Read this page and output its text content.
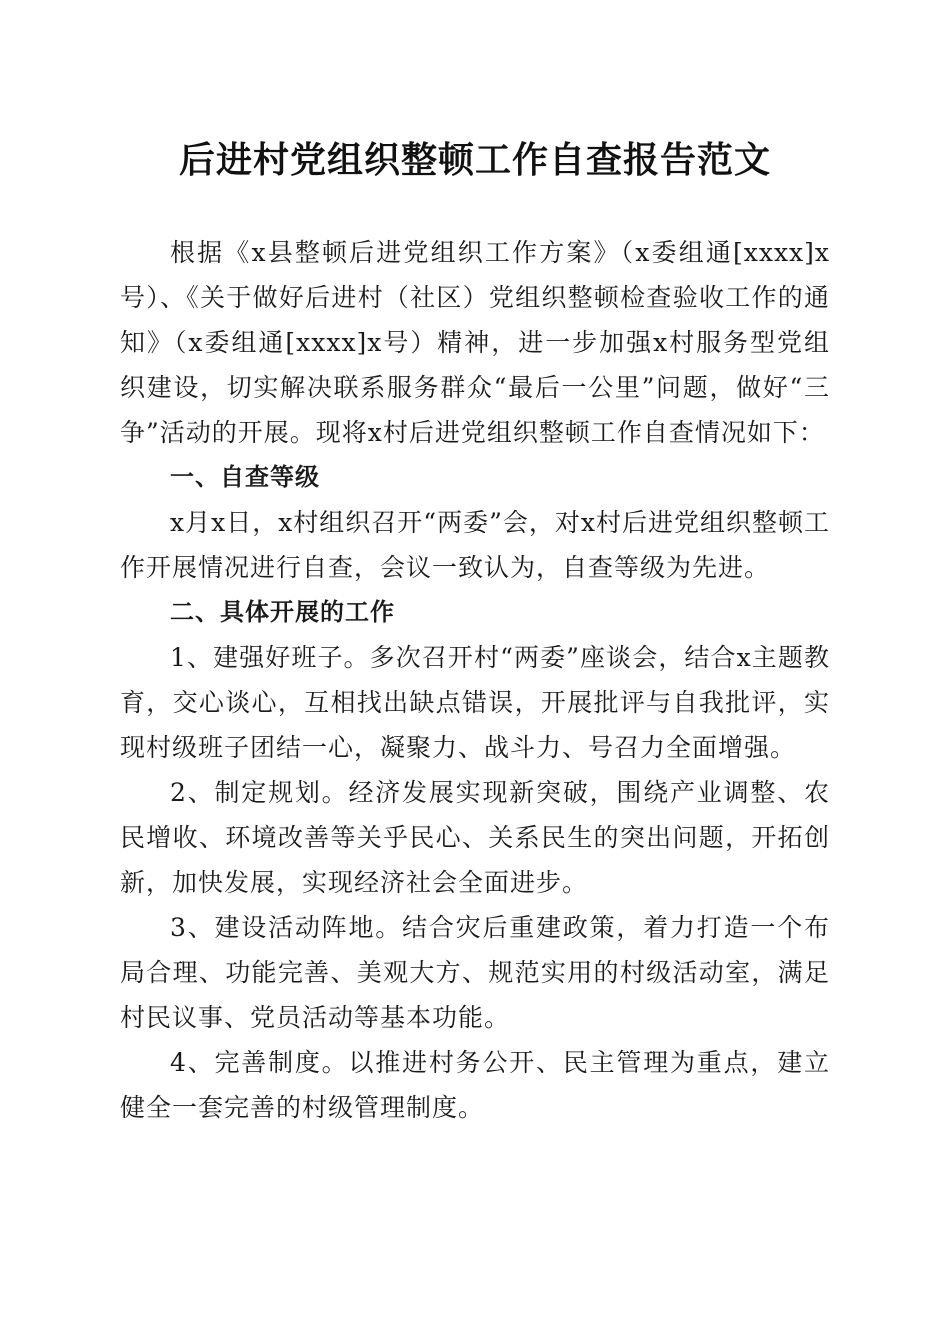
后进村党组织整顿工作自查报告范文

根据《x县整顿后进党组织工作方案》（x委组通[xxxx]x号）、《关于做好后进村（社区）党组织整顿检查验收工作的通知》（x委组通[xxxx]x号）精神，进一步加强x村服务型党组织建设，切实解决联系服务群众“最后一公里”问题，做好“三争”活动的开展。现将x村后进党组织整顿工作自查情况如下：

一、自查等级

x月x日，x村组织召开“两委”会，对x村后进党组织整顿工作开展情况进行自查，会议一致认为，自查等级为先进。

二、具体开展的工作

1、建强好班子。多次召开村“两委”座谈会，结合x主题教育，交心谈心，互相找出缺点错误，开展批评与自我批评，实现村级班子团结一心，凝聚力、战斗力、号召力全面增强。

2、制定规划。经济发展实现新突破，围绕产业调整、农民增收、环境改善等关乎民心、关系民生的突出问题，开拓创新，加快发展，实现经济社会全面进步。

3、建设活动阵地。结合灾后重建政策，着力打造一个布局合理、功能完善、美观大方、规范实用的村级活动室，满足村民议事、党员活动等基本功能。

4、完善制度。以推进村务公开、民主管理为重点，建立健全一套完善的村级管理制度。
